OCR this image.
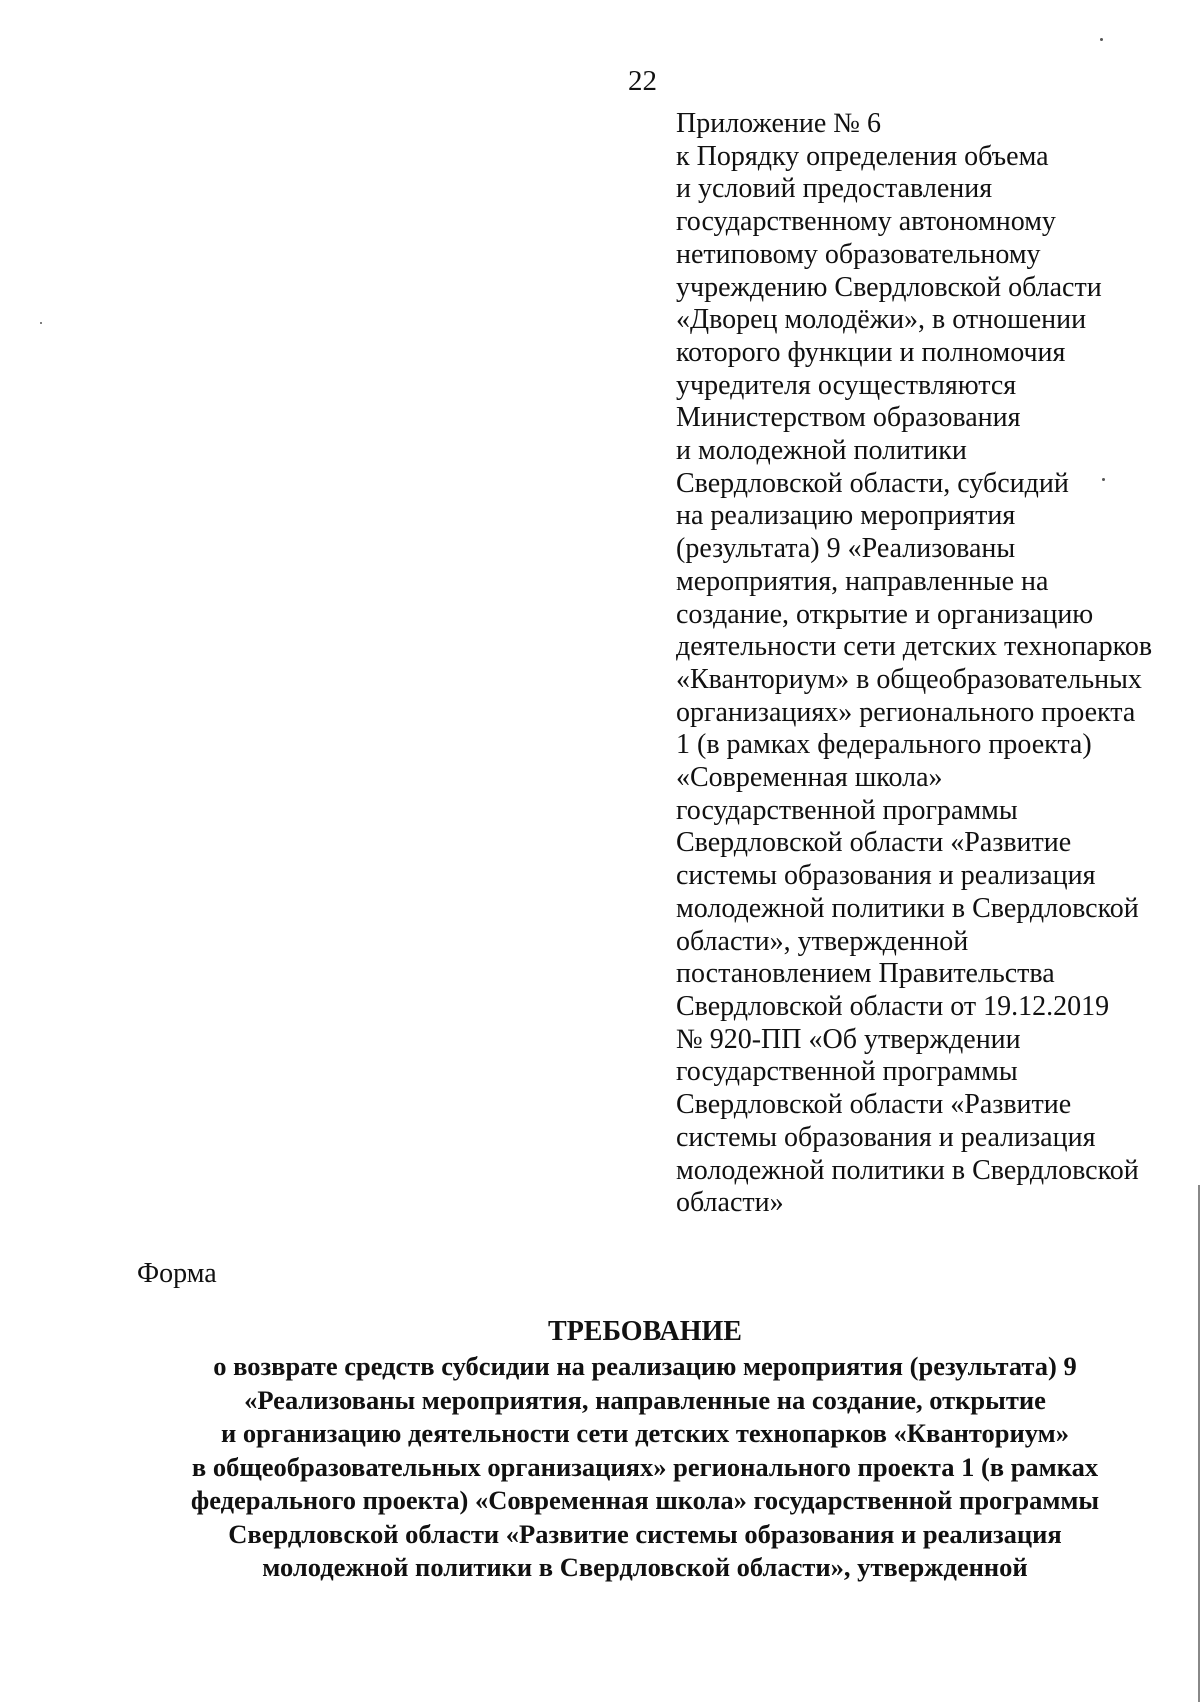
22
Приложение № 6
к Порядку определения объема
и условий предоставления
государственному автономному
нетиповому образовательному
учреждению Свердловской области
«Дворец молодёжи», в отношении
которого функции и полномочия
учредителя осуществляются
Министерством образования
и молодежной политики
Свердловской области, субсидий
на реализацию мероприятия
(результата) 9 «Реализованы
мероприятия, направленные на
создание, открытие и организацию
деятельности сети детских технопарков
«Кванториум» в общеобразовательных
организациях» регионального проекта
1 (в рамках федерального проекта)
«Современная школа»
государственной программы
Свердловской области «Развитие
системы образования и реализация
молодежной политики в Свердловской
области», утвержденной
постановлением Правительства
Свердловской области от 19.12.2019
№ 920-ПП «Об утверждении
государственной программы
Свердловской области «Развитие
системы образования и реализация
молодежной политики в Свердловской
области»
Форма
ТРЕБОВАНИЕ
о возврате средств субсидии на реализацию мероприятия (результата) 9
«Реализованы мероприятия, направленные на создание, открытие
и организацию деятельности сети детских технопарков «Кванториум»
в общеобразовательных организациях» регионального проекта 1 (в рамках
федерального проекта) «Современная школа» государственной программы
Свердловской области «Развитие системы образования и реализация
молодежной политики в Свердловской области», утвержденной
